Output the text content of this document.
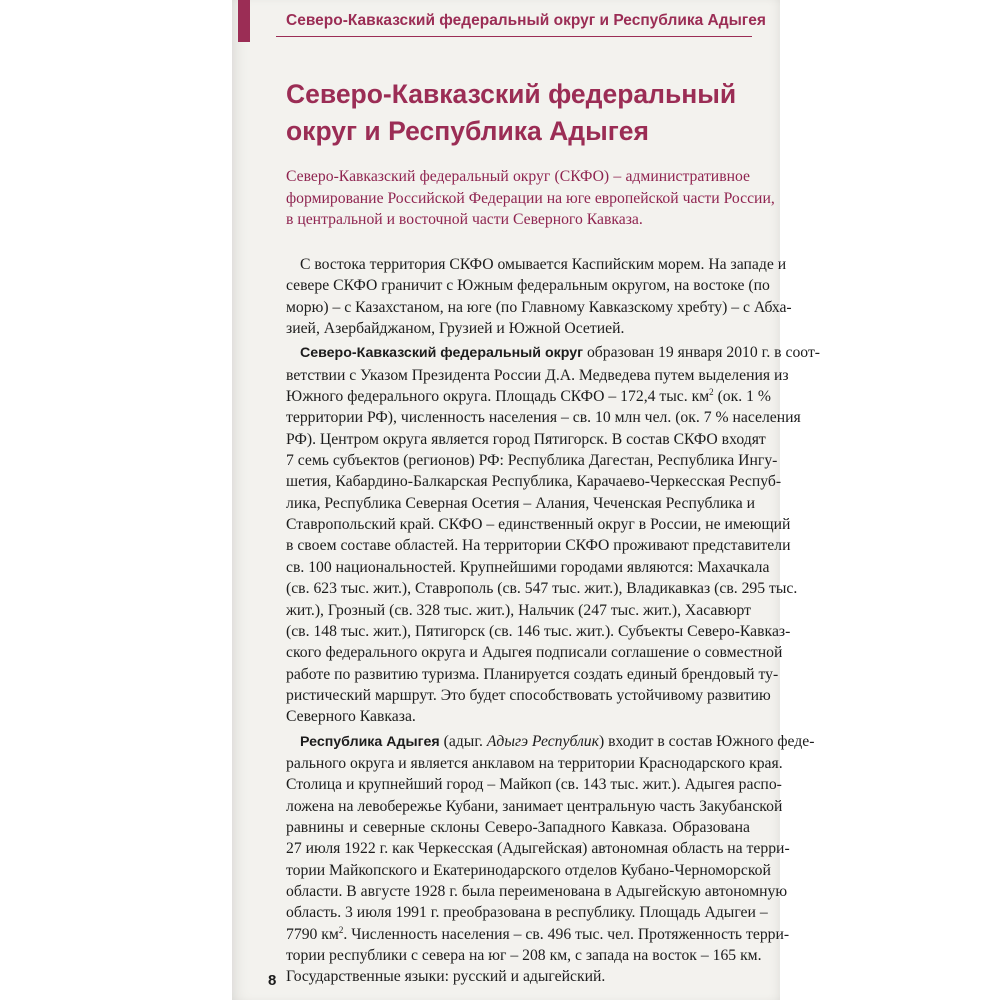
Северо-Кавказский федеральный округ и Республика Адыгея
Северо-Кавказский федеральный
округ и Республика Адыгея
Северо-Кавказский федеральный округ (СКФО) – административное
формирование Российской Федерации на юге европейской части России,
в центральной и восточной части Северного Кавказа.
С востока территория СКФО омывается Каспийским морем. На западе и
севере СКФО граничит с Южным федеральным округом, на востоке (по
морю) – с Казахстаном, на юге (по Главному Кавказскому хребту) – с Абха-
зией, Азербайджаном, Грузией и Южной Осетией.
Северо-Кавказский федеральный округ образован 19 января 2010 г. в соот-
ветствии с Указом Президента России Д.А. Медведева путем выделения из
Южного федерального округа. Площадь СКФО – 172,4 тыс. $км^2$ (ок. 1 %
территории РФ), численность населения – св. 10 млн чел. (ок. 7 % населения
РФ). Центром округа является город Пятигорск. В состав СКФО входят
7 семь субъектов (регионов) РФ: Республика Дагестан, Республика Ингу-
шетия, Кабардино-Балкарская Республика, Карачаево-Черкесская Респуб-
лика, Республика Северная Осетия – Алания, Чеченская Республика и
Ставропольский край. СКФО – единственный округ в России, не имеющий
в своем составе областей. На территории СКФО проживают представители
св. 100 национальностей. Крупнейшими городами являются: Махачкала
(св. 623 тыс. жит.), Ставрополь (св. 547 тыс. жит.), Владикавказ (св. 295 тыс.
жит.), Грозный (св. 328 тыс. жит.), Нальчик (247 тыс. жит.), Хасавюрт
(св. 148 тыс. жит.), Пятигорск (св. 146 тыс. жит.). Субъекты Северо-Кавказ-
ского федерального округа и Адыгея подписали соглашение о совместной
работе по развитию туризма. Планируется создать единый брендовый ту-
ристический маршрут. Это будет способствовать устойчивому развитию
Северного Кавказа.
Республика Адыгея (адыг. Адыгэ Республик) входит в состав Южного феде-
рального округа и является анклавом на территории Краснодарского края.
Столица и крупнейший город – Майкоп (св. 143 тыс. жит.). Адыгея распо-
ложена на левобережье Кубани, занимает центральную часть Закубанской
равнины и северные склоны Северо-Западного Кавказа. Образована
27 июля 1922 г. как Черкесская (Адыгейская) автономная область на терри-
тории Майкопского и Екатеринодарского отделов Кубано-Черноморской
области. В августе 1928 г. была переименована в Адыгейскую автономную
область. 3 июля 1991 г. преобразована в республику. Площадь Адыгеи –
7790 $км^2$. Численность населения – св. 496 тыс. чел. Протяженность терри-
тории республики с севера на юг – 208 км, с запада на восток – 165 км.
Государственные языки: русский и адыгейский.
8
